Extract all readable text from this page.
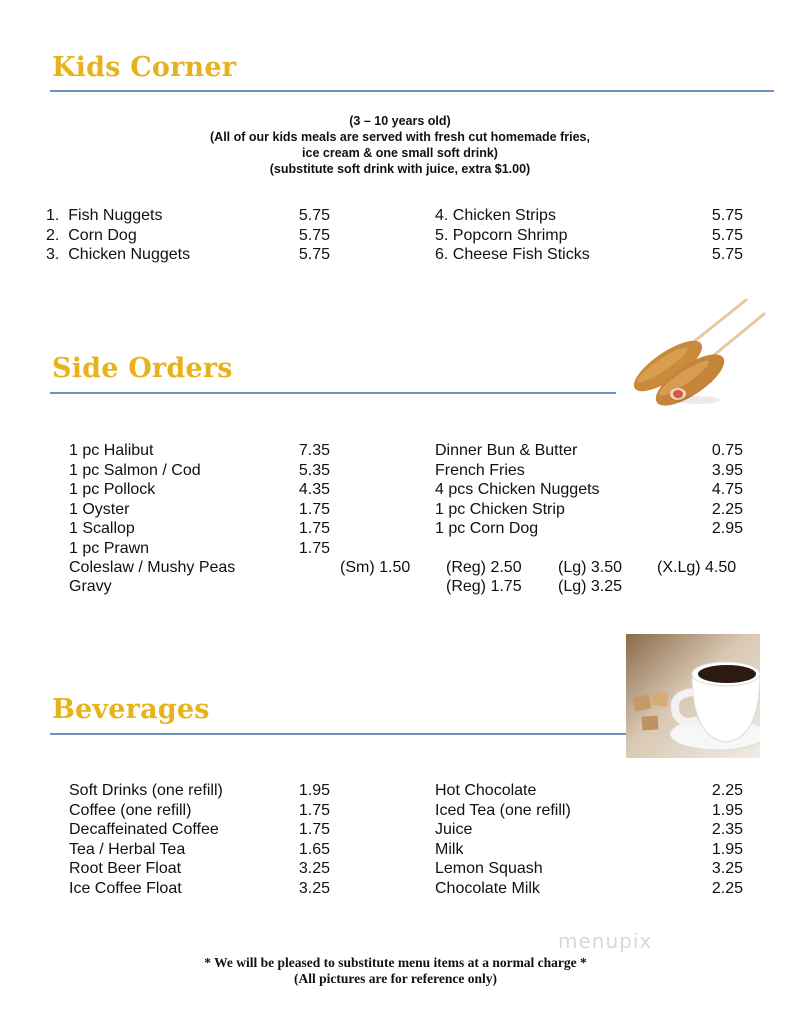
Kids Corner
(3 – 10 years old)
(All of our kids meals are served with fresh cut homemade fries,
ice cream & one small soft drink)
(substitute soft drink with juice, extra $1.00)
1.  Fish Nuggets	5.75
2.  Corn Dog	5.75
3.  Chicken Nuggets	5.75
4. Chicken Strips	5.75
5. Popcorn Shrimp	5.75
6. Cheese Fish Sticks	5.75
Side Orders
1 pc Halibut	7.35
1 pc Salmon / Cod	5.35
1 pc Pollock	4.35
1 Oyster	1.75
1 Scallop	1.75
1 pc Prawn	1.75
Dinner Bun & Butter	0.75
French Fries	3.95
4 pcs Chicken Nuggets	4.75
1 pc Chicken Strip	2.25
1 pc Corn Dog	2.95
Coleslaw / Mushy Peas	(Sm) 1.50 (Reg) 2.50 (Lg) 3.50 (X.Lg) 4.50
Gravy	(Reg) 1.75 (Lg) 3.25
Beverages
Soft Drinks (one refill)	1.95
Coffee (one refill)	1.75
Decaffeinated Coffee	1.75
Tea / Herbal Tea	1.65
Root Beer Float	3.25
Ice Coffee Float	3.25
Hot Chocolate	2.25
Iced Tea (one refill)	1.95
Juice	2.35
Milk	1.95
Lemon Squash	3.25
Chocolate Milk	2.25
menupix
* We will be pleased to substitute menu items at a normal charge *
(All pictures are for reference only)
